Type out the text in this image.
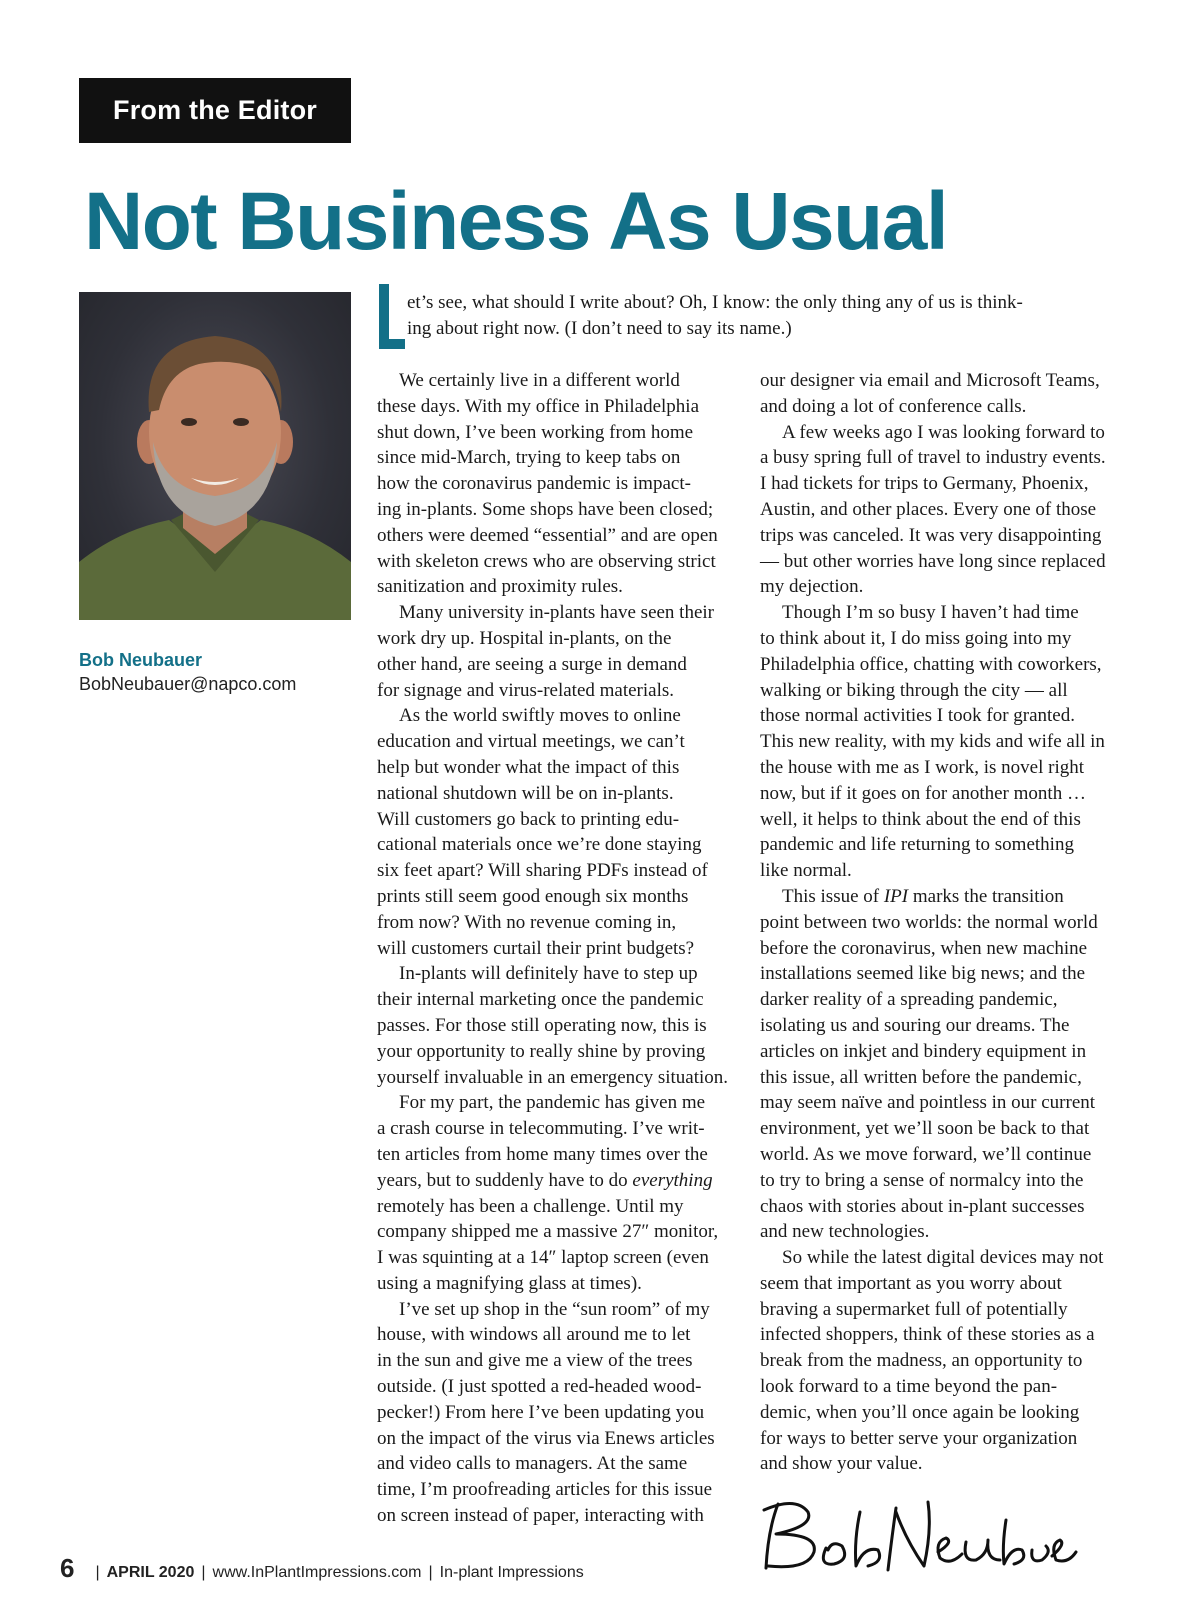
From the Editor
Not Business As Usual
Bob Neubauer
BobNeubauer@napco.com
et’s see, what should I write about? Oh, I know: the only thing any of us is think-
ing about right now. (I don’t need to say its name.)
We certainly live in a different world
these days. With my office in Philadelphia
shut down, I’ve been working from home
since mid-March, trying to keep tabs on
how the coronavirus pandemic is impact-
ing in-plants. Some shops have been closed;
others were deemed “essential” and are open
with skeleton crews who are observing strict
sanitization and proximity rules.
Many university in-plants have seen their
work dry up. Hospital in-plants, on the
other hand, are seeing a surge in demand
for signage and virus-related materials.
As the world swiftly moves to online
education and virtual meetings, we can’t
help but wonder what the impact of this
national shutdown will be on in-plants.
Will customers go back to printing edu-
cational materials once we’re done staying
six feet apart? Will sharing PDFs instead of
prints still seem good enough six months
from now? With no revenue coming in,
will customers curtail their print budgets?
In-plants will definitely have to step up
their internal marketing once the pandemic
passes. For those still operating now, this is
your opportunity to really shine by proving
yourself invaluable in an emergency situation.
For my part, the pandemic has given me
a crash course in telecommuting. I’ve writ-
ten articles from home many times over the
years, but to suddenly have to do everything
remotely has been a challenge. Until my
company shipped me a massive 27″ monitor,
I was squinting at a 14″ laptop screen (even
using a magnifying glass at times).
I’ve set up shop in the “sun room” of my
house, with windows all around me to let
in the sun and give me a view of the trees
outside. (I just spotted a red-headed wood-
pecker!) From here I’ve been updating you
on the impact of the virus via Enews articles
and video calls to managers. At the same
time, I’m proofreading articles for this issue
on screen instead of paper, interacting with
our designer via email and Microsoft Teams,
and doing a lot of conference calls.
A few weeks ago I was looking forward to
a busy spring full of travel to industry events.
I had tickets for trips to Germany, Phoenix,
Austin, and other places. Every one of those
trips was canceled. It was very disappointing
— but other worries have long since replaced
my dejection.
Though I’m so busy I haven’t had time
to think about it, I do miss going into my
Philadelphia office, chatting with coworkers,
walking or biking through the city — all
those normal activities I took for granted.
This new reality, with my kids and wife all in
the house with me as I work, is novel right
now, but if it goes on for another month …
well, it helps to think about the end of this
pandemic and life returning to something
like normal.
This issue of IPI marks the transition
point between two worlds: the normal world
before the coronavirus, when new machine
installations seemed like big news; and the
darker reality of a spreading pandemic,
isolating us and souring our dreams. The
articles on inkjet and bindery equipment in
this issue, all written before the pandemic,
may seem naïve and pointless in our current
environment, yet we’ll soon be back to that
world. As we move forward, we’ll continue
to try to bring a sense of normalcy into the
chaos with stories about in-plant successes
and new technologies.
So while the latest digital devices may not
seem that important as you worry about
braving a supermarket full of potentially
infected shoppers, think of these stories as a
break from the madness, an opportunity to
look forward to a time beyond the pan-
demic, when you’ll once again be looking
for ways to better serve your organization
and show your value.
6 | APRIL 2020 | www.InPlantImpressions.com | In-plant Impressions
